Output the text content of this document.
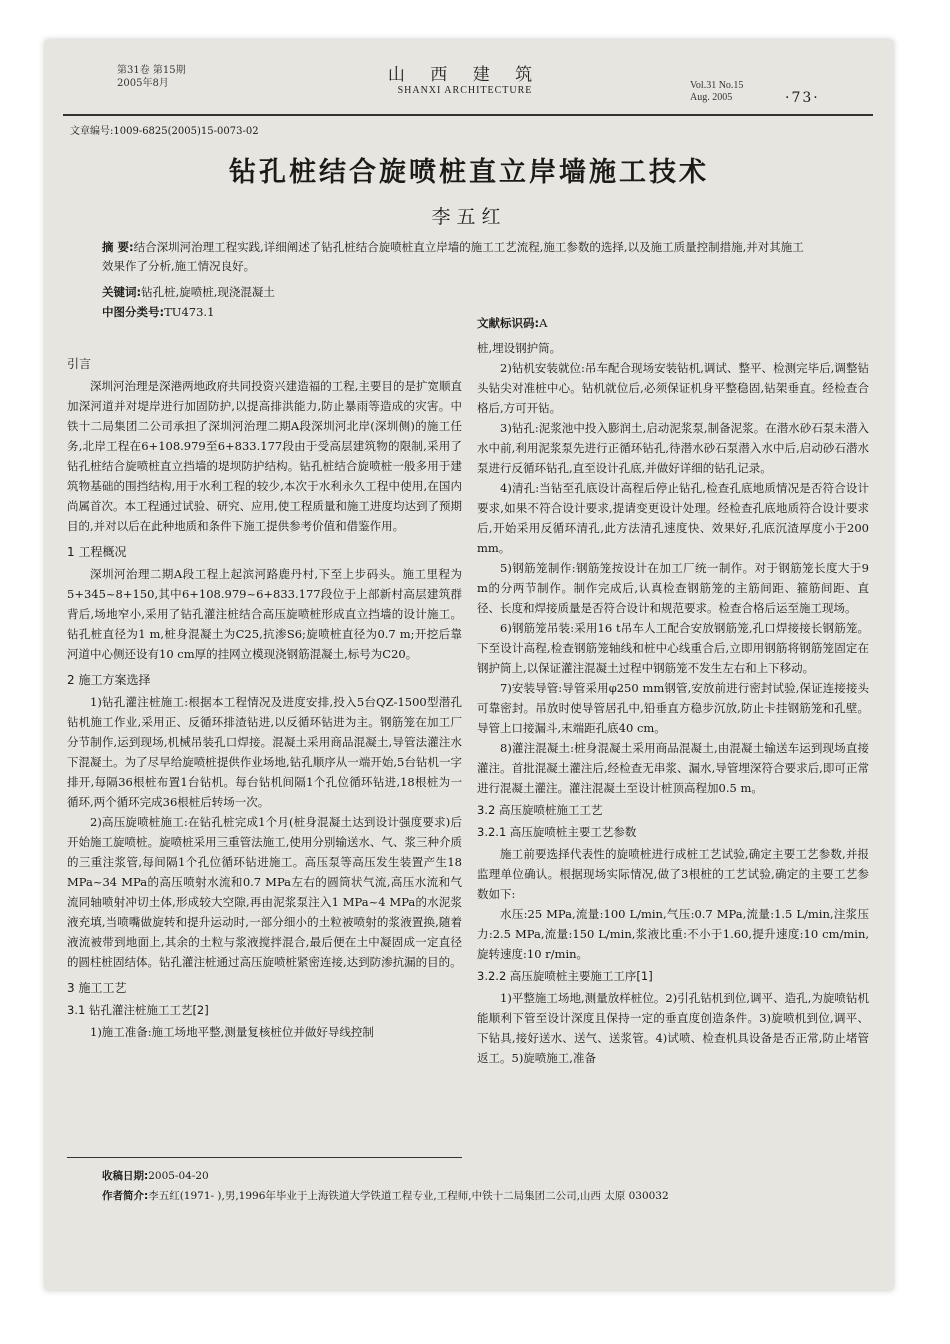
第31卷 第15期
2005年8月	山 西 建 筑
SHANXI ARCHITECTURE	Vol.31 No.15
Aug. 2005	·73·
文章编号:1009-6825(2005)15-0073-02
钻孔桩结合旋喷桩直立岸墙施工技术
李五红
摘 要:结合深圳河治理工程实践,详细阐述了钻孔桩结合旋喷桩直立岸墙的施工工艺流程,施工参数的选择,以及施工质量控制措施,并对其施工效果作了分析,施工情况良好。
关键词:钻孔桩,旋喷桩,现浇混凝土
中图分类号:TU473.1
文献标识码:A
引言

深圳河治理是深港两地政府共同投资兴建造福的工程,主要目的是扩宽顺直加深河道并对堤岸进行加固防护,以提高排洪能力,防止暴雨等造成的灾害。中铁十二局集团二公司承担了深圳河治理二期A段深圳河北岸(深圳侧)的施工任务,北岸工程在6+108.979至6+833.177段由于受高层建筑物的限制,采用了钻孔桩结合旋喷桩直立挡墙的堤坝防护结构。钻孔桩结合旋喷桩一般多用于建筑物基础的围挡结构,用于水利工程的较少,本次于水利永久工程中使用,在国内尚属首次。本工程通过试验、研究、应用,使工程质量和施工进度均达到了预期目的,并对以后在此种地质和条件下施工提供参考价值和借鉴作用。

1 工程概况

深圳河治理二期A段工程上起滨河路鹿丹村,下至上步码头。施工里程为5+345~8+150,其中6+108.979~6+833.177段位于上部新村高层建筑群背后,场地窄小,采用了钻孔灌注桩结合高压旋喷桩形成直立挡墙的设计施工。钻孔桩直径为1 m,桩身混凝土为C25,抗渗S6;旋喷桩直径为0.7 m;开挖后靠河道中心侧还设有10 cm厚的挂网立模现浇钢筋混凝土,标号为C20。

2 施工方案选择

1)钻孔灌注桩施工:根据本工程情况及进度安排,投入5台QZ-1500型潜孔钻机施工作业,采用正、反循环排渣钻进,以反循环钻进为主。钢筋笼在加工厂分节制作,运到现场,机械吊装孔口焊接。混凝土采用商品混凝土,导管法灌注水下混凝土。为了尽早给旋喷桩提供作业场地,钻孔顺序从一端开始,5台钻机一字排开,每隔36根桩布置1台钻机。每台钻机间隔1个孔位循环钻进,18根桩为一循环,两个循环完成36根桩后转场一次。

2)高压旋喷桩施工:在钻孔桩完成1个月(桩身混凝土达到设计强度要求)后开始施工旋喷桩。旋喷桩采用三重管法施工,使用分别输送水、气、浆三种介质的三重注浆管,每间隔1个孔位循环钻进施工。高压泵等高压发生装置产生18 MPa~34 MPa的高压喷射水流和0.7 MPa左右的圆筒状气流,高压水流和气流同轴喷射冲切土体,形成较大空隙,再由泥浆泵注入1 MPa~4 MPa的水泥浆液充填,当喷嘴做旋转和提升运动时,一部分细小的土粒被喷射的浆液置换,随着液流被带到地面上,其余的土粒与浆液搅拌混合,最后便在土中凝固成一定直径的圆柱桩固结体。钻孔灌注桩通过高压旋喷桩紧密连接,达到防渗抗漏的目的。

3 施工工艺
3.1 钻孔灌注桩施工工艺[2]

1)施工准备:施工场地平整,测量复核桩位并做好导线控制

桩,埋设钢护筒。

2)钻机安装就位:吊车配合现场安装钻机,调试、整平、检测完毕后,调整钻头钻尖对准桩中心。钻机就位后,必须保证机身平整稳固,钻架垂直。经检查合格后,方可开钻。

3)钻孔:泥浆池中投入膨润土,启动泥浆泵,制备泥浆。在潜水砂石泵未潜入水中前,利用泥浆泵先进行正循环钻孔,待潜水砂石泵潜入水中后,启动砂石潜水泵进行反循环钻孔,直至设计孔底,并做好详细的钻孔记录。

4)清孔:当钻至孔底设计高程后停止钻孔,检查孔底地质情况是否符合设计要求,如果不符合设计要求,提请变更设计处理。经检查孔底地质符合设计要求后,开始采用反循环清孔,此方法清孔速度快、效果好,孔底沉渣厚度小于200 mm。

5)钢筋笼制作:钢筋笼按设计在加工厂统一制作。对于钢筋笼长度大于9 m的分两节制作。制作完成后,认真检查钢筋笼的主筋间距、箍筋间距、直径、长度和焊接质量是否符合设计和规范要求。检查合格后运至施工现场。

6)钢筋笼吊装:采用16 t吊车人工配合安放钢筋笼,孔口焊接接长钢筋笼。下至设计高程,检查钢筋笼轴线和桩中心线重合后,立即用钢筋将钢筋笼固定在钢护筒上,以保证灌注混凝土过程中钢筋笼不发生左右和上下移动。

7)安装导管:导管采用φ250 mm钢管,安放前进行密封试验,保证连接接头可靠密封。吊放时使导管居孔中,铅垂直方稳步沉放,防止卡挂钢筋笼和孔壁。导管上口接漏斗,末端距孔底40 cm。

8)灌注混凝土:桩身混凝土采用商品混凝土,由混凝土输送车运到现场直接灌注。首批混凝土灌注后,经检查无串浆、漏水,导管埋深符合要求后,即可正常进行混凝土灌注。灌注混凝土至设计桩顶高程加0.5 m。

3.2 高压旋喷桩施工工艺
3.2.1 高压旋喷桩主要工艺参数

施工前要选择代表性的旋喷桩进行成桩工艺试验,确定主要工艺参数,并报监理单位确认。根据现场实际情况,做了3根桩的工艺试验,确定的主要工艺参数如下:

水压:25 MPa,流量:100 L/min,气压:0.7 MPa,流量:1.5 L/min,注浆压力:2.5 MPa,流量:150 L/min,浆液比重:不小于1.60,提升速度:10 cm/min,旋转速度:10 r/min。

3.2.2 高压旋喷桩主要施工工序[1]

1)平整施工场地,测量放样桩位。2)引孔钻机到位,调平、造孔,为旋喷钻机能顺利下管至设计深度且保持一定的垂直度创造条件。3)旋喷机到位,调平、下钻具,接好送水、送气、送浆管。4)试喷、检查机具设备是否正常,防止堵管返工。5)旋喷施工,准备

收稿日期:2005-04-20
作者简介:李五红(1971- ),男,1996年毕业于上海铁道大学铁道工程专业,工程师,中铁十二局集团二公司,山西 太原 030032
